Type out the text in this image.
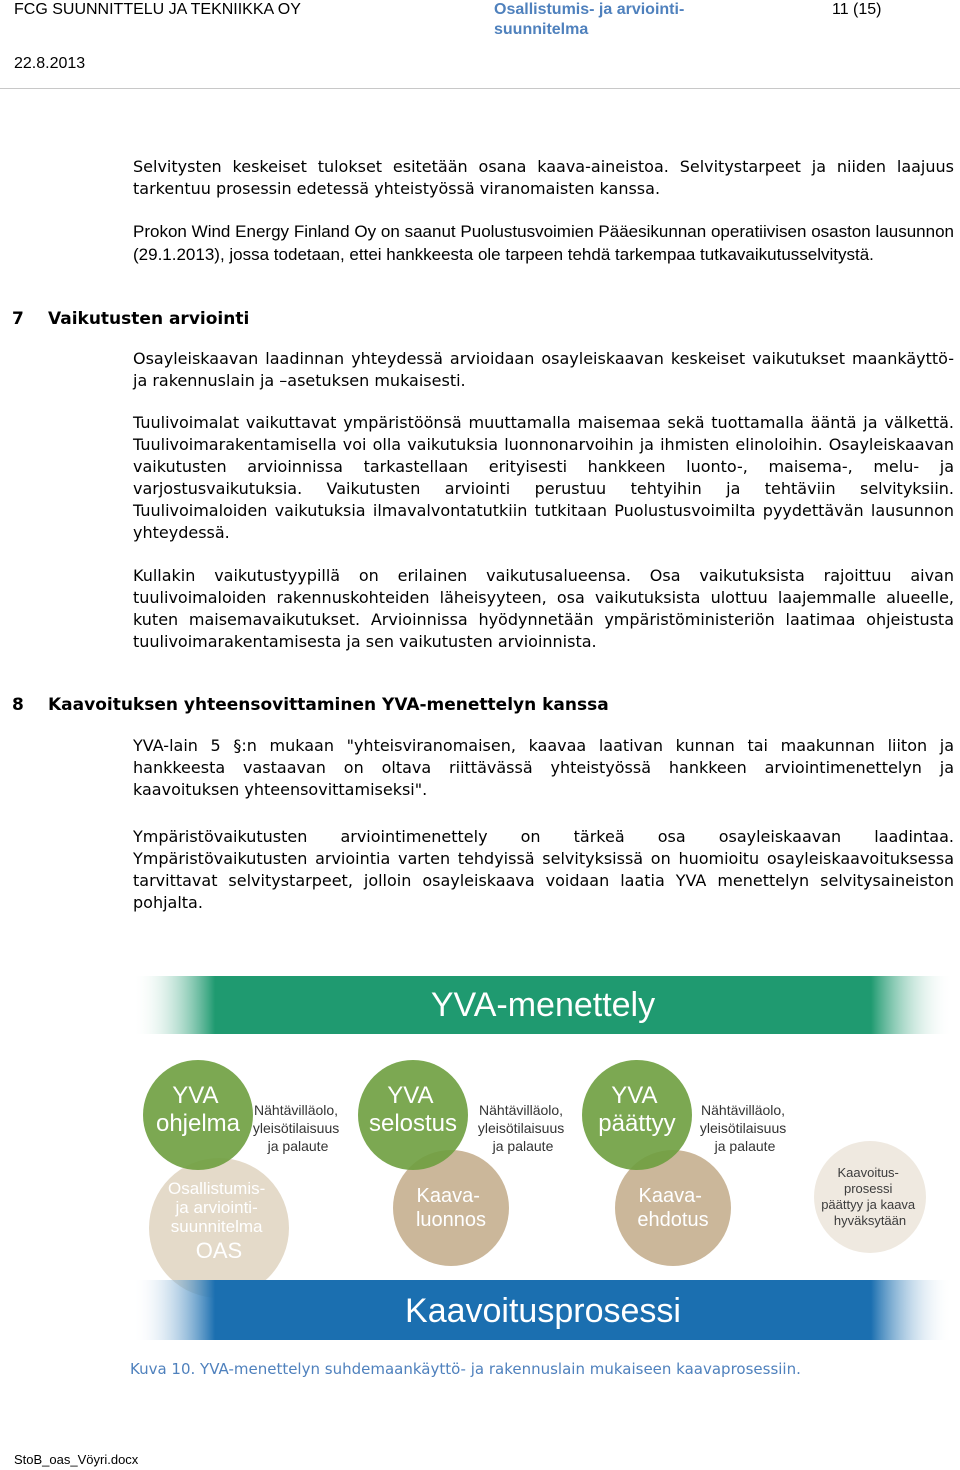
FCG SUUNNITTELU JA TEKNIIKKA OY	Osallistumis- ja arviointi-
suunnitelma
11 (15)
22.8.2013
Selvitysten keskeiset tulokset esitetään osana kaava-aineistoa. Selvitystarpeet ja niiden laajuus tarkentuu prosessin edetessä yhteistyössä viranomaisten kanssa.
Prokon Wind Energy Finland Oy on saanut Puolustusvoimien Pääesikunnan operatiivisen osaston lausunnon (29.1.2013), jossa todetaan, ettei hankkeesta ole tarpeen tehdä tarkempaa tutkavaikutusselvitystä.
7 Vaikutusten arviointi
Osayleiskaavan laadinnan yhteydessä arvioidaan osayleiskaavan keskeiset vaikutukset maankäyttö- ja rakennuslain ja –asetuksen mukaisesti.
Tuulivoimalat vaikuttavat ympäristöönsä muuttamalla maisemaa sekä tuottamalla ääntä ja välkettä. Tuulivoimarakentamisella voi olla vaikutuksia luonnonarvoihin ja ihmisten elinoloihin. Osayleiskaavan vaikutusten arvioinnissa tarkastellaan erityisesti hankkeen luonto-, maisema-, melu- ja varjostusvaikutuksia. Vaikutusten arviointi perustuu tehtyihin ja tehtäviin selvityksiin. Tuulivoimaloiden vaikutuksia ilmavalvontatutkiin tutkitaan Puolustusvoimilta pyydettävän lausunnon yhteydessä.
Kullakin vaikutustyypillä on erilainen vaikutusalueensa. Osa vaikutuksista rajoittuu aivan tuulivoimaloiden rakennuskohteiden läheisyyteen, osa vaikutuksista ulottuu laajemmalle alueelle, kuten maisemavaikutukset. Arvioinnissa hyödynnetään ympäristöministeriön laatimaa ohjeistusta tuulivoimarakentamisesta ja sen vaikutusten arvioinnista.
8 Kaavoituksen yhteensovittaminen YVA-menettelyn kanssa
YVA-lain 5 §:n mukaan "yhteisviranomaisen, kaavaa laativan kunnan tai maakunnan liiton ja hankkeesta vastaavan on oltava riittävässä yhteistyössä hankkeen arviointimenettelyn ja kaavoituksen yhteensovittamiseksi".
Ympäristövaikutusten arviointimenettely on tärkeä osa osayleiskaavan laadintaa. Ympäristövaikutusten arviointia varten tehdyissä selvityksissä on huomioitu osayleiskaavoituksessa tarvittavat selvitystarpeet, jolloin osayleiskaava voidaan laatia YVA menettelyn selvitysaineiston pohjalta.
YVA-menettely
Kaavoitus- prosessi päättyy ja kaava hyväksytään
Osallistumis- ja arviointi- suunnitelma OAS
Kaava- luonnos
Kaava- ehdotus
YVA ohjelma
YVA selostus
YVA päättyy
Nähtävilläolo, yleisötilaisuus ja palaute
Nähtävilläolo, yleisötilaisuus ja palaute
Nähtävilläolo, yleisötilaisuus ja palaute
Kaavoitusprosessi
Kuva 10. YVA-menettelyn suhdemaankäyttö- ja rakennuslain mukaiseen kaavaprosessiin.
StoB_oas_Vöyri.docx
